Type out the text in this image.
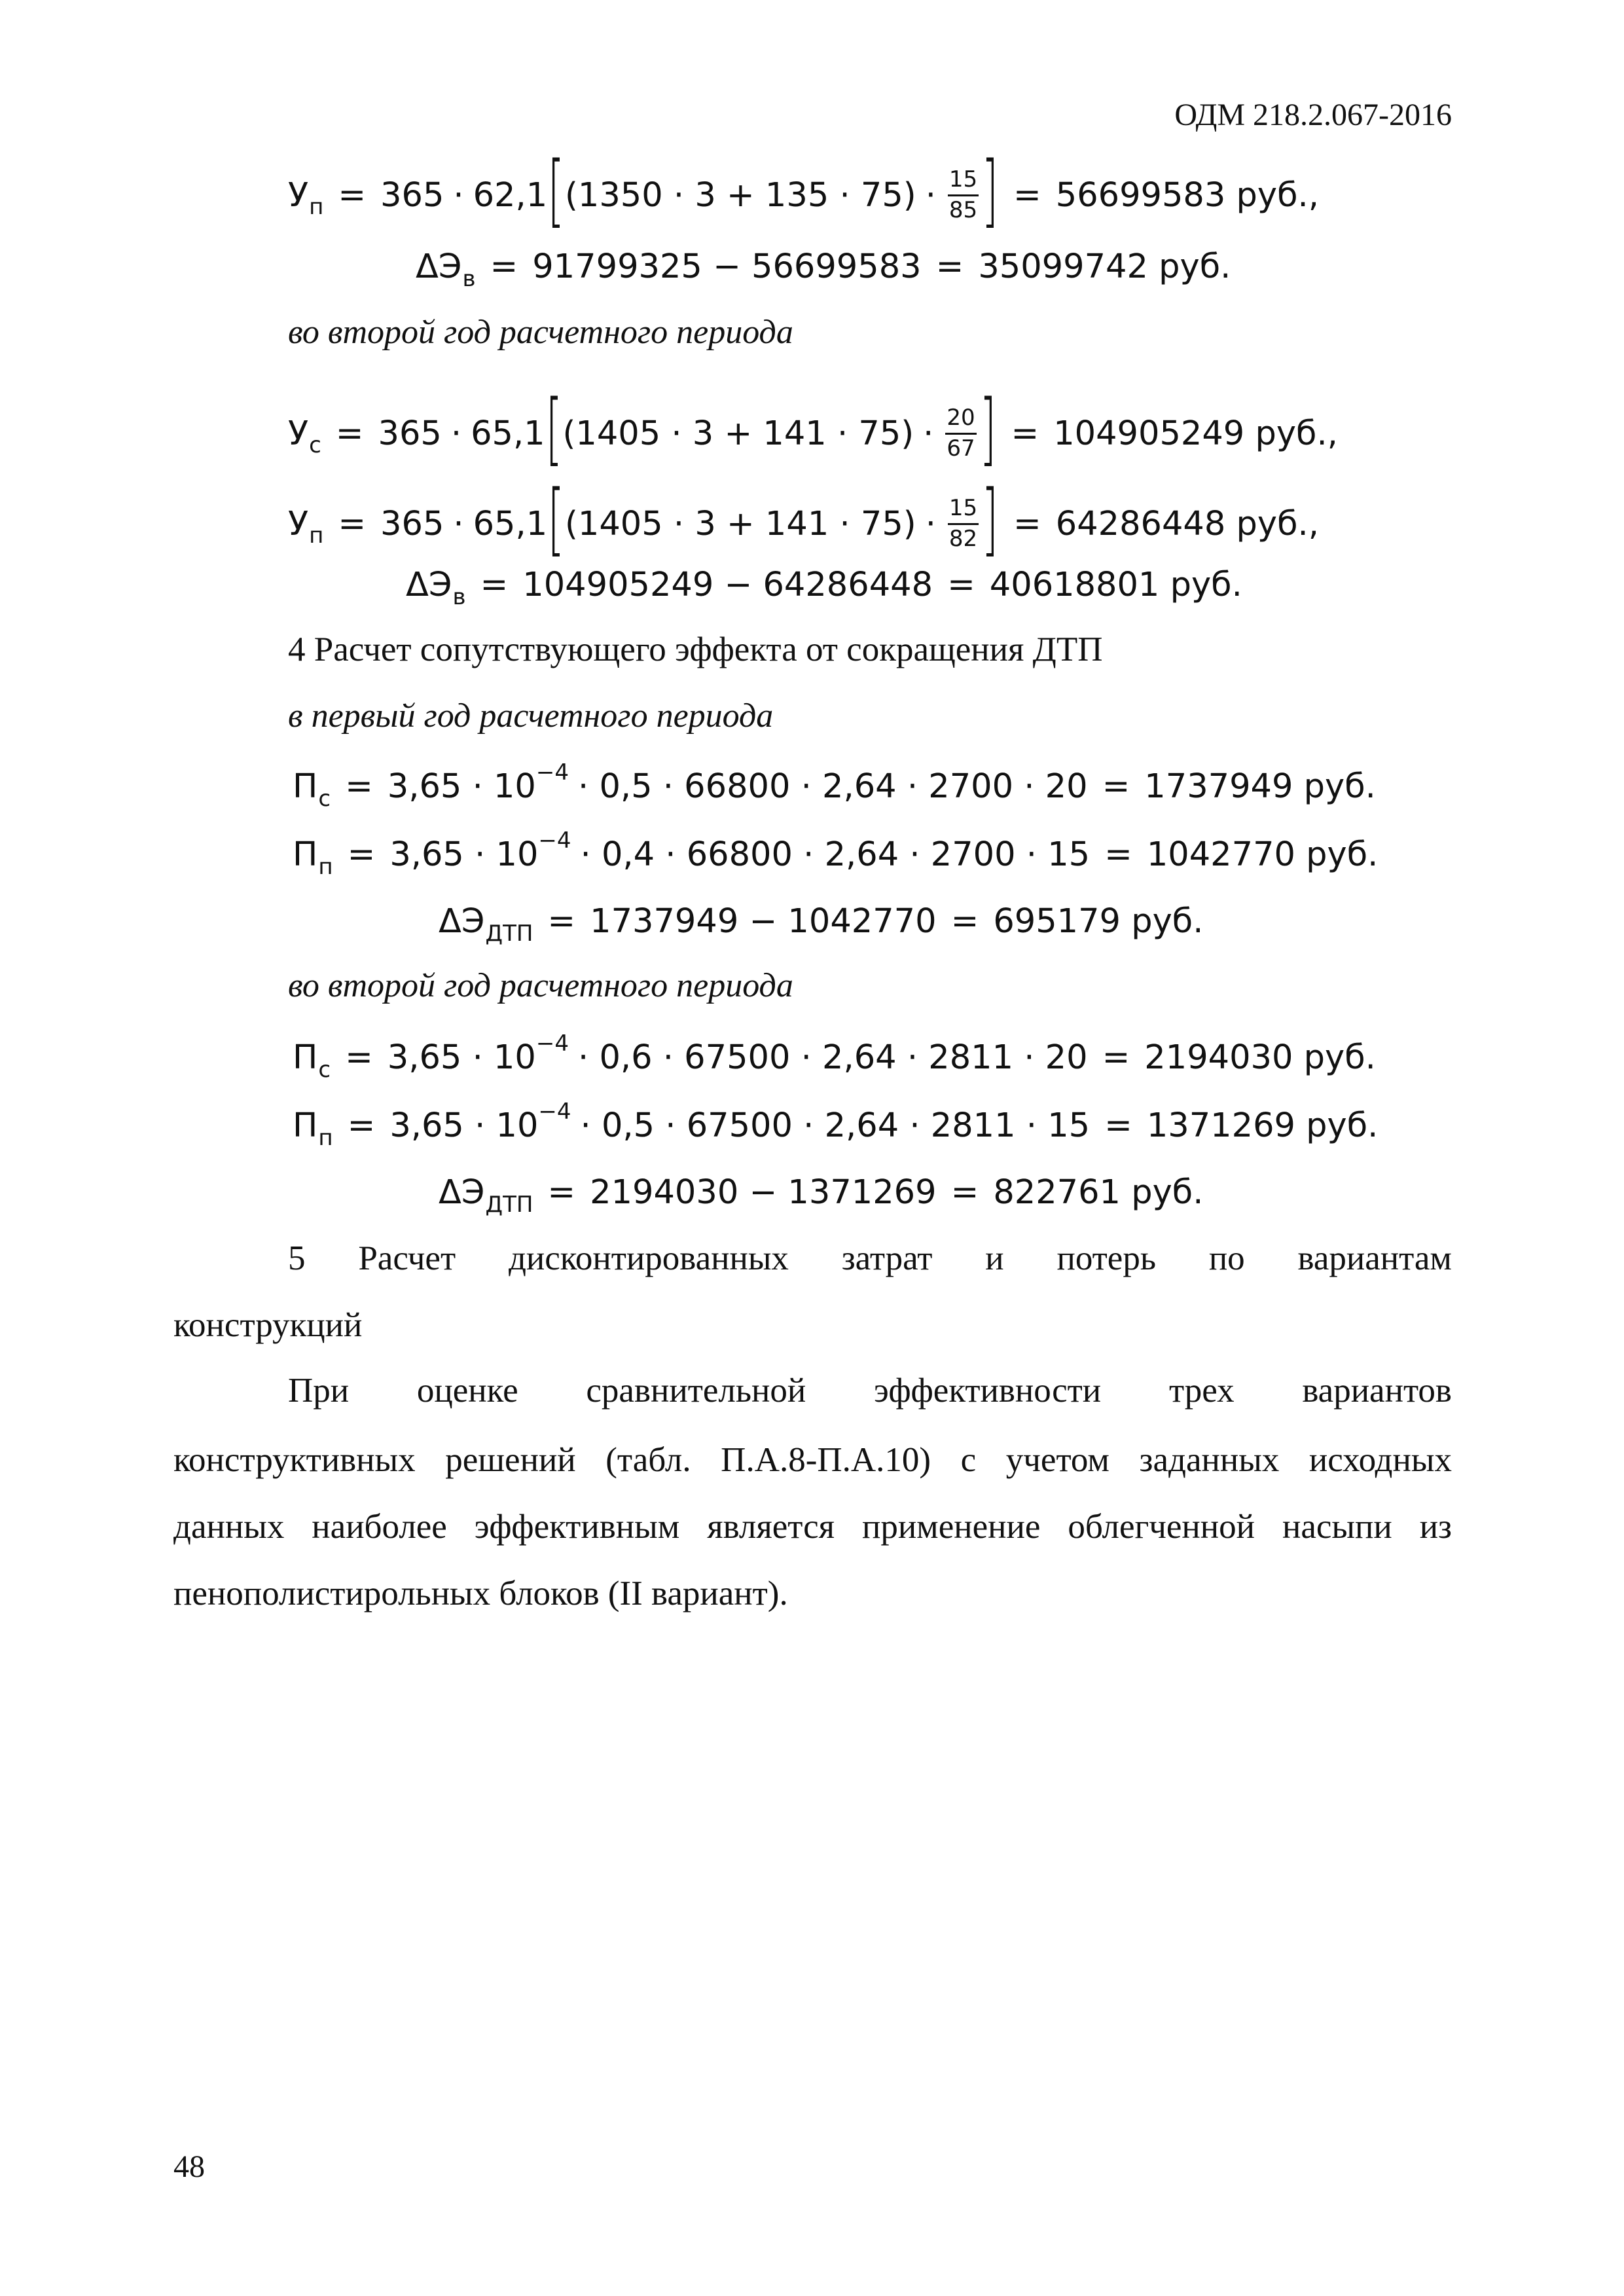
ОДМ 218.2.067-2016
У п = 365 · 62,1 [ $(1350 \cdot 3 + 135 \cdot 75) \cdot \frac{15}{85}$ ] = 56699583 руб.,
ΔЭ в = 91799325 − 56699583 = 35099742 руб.
во второй год расчетного периода
У с = 365 · 65,1 [ $(1405 \cdot 3 + 141 \cdot 75) \cdot \frac{20}{67}$ ] = 104905249 руб.,
У п = 365 · 65,1 [ $(1405 \cdot 3 + 141 \cdot 75) \cdot \frac{15}{82}$ ] = 64286448 руб.,
ΔЭ в = 104905249 − 64286448 = 40618801 руб.
4 Расчет сопутствующего эффекта от сокращения ДТП
в первый год расчетного периода
П с = 3,65 · 10 −4 · 0,5 · 66800 · 2,64 · 2700 · 20 = 1737949 руб.
П п = 3,65 · 10 −4 · 0,4 · 66800 · 2,64 · 2700 · 15 = 1042770 руб.
ΔЭ ДТП = 1737949 − 1042770 = 695179 руб.
во второй год расчетного периода
П с = 3,65 · 10 −4 · 0,6 · 67500 · 2,64 · 2811 · 20 = 2194030 руб.
П п = 3,65 · 10 −4 · 0,5 · 67500 · 2,64 · 2811 · 15 = 1371269 руб.
ΔЭ ДТП = 2194030 − 1371269 = 822761 руб.
5 Расчет дисконтированных затрат и потерь по вариантам
конструкций
При оценке сравнительной эффективности трех вариантов
конструктивных решений (табл. П.А.8-П.А.10) с учетом заданных исходных
данных наиболее эффективным является применение облегченной насыпи из
пенополистирольных блоков (II вариант).
48
